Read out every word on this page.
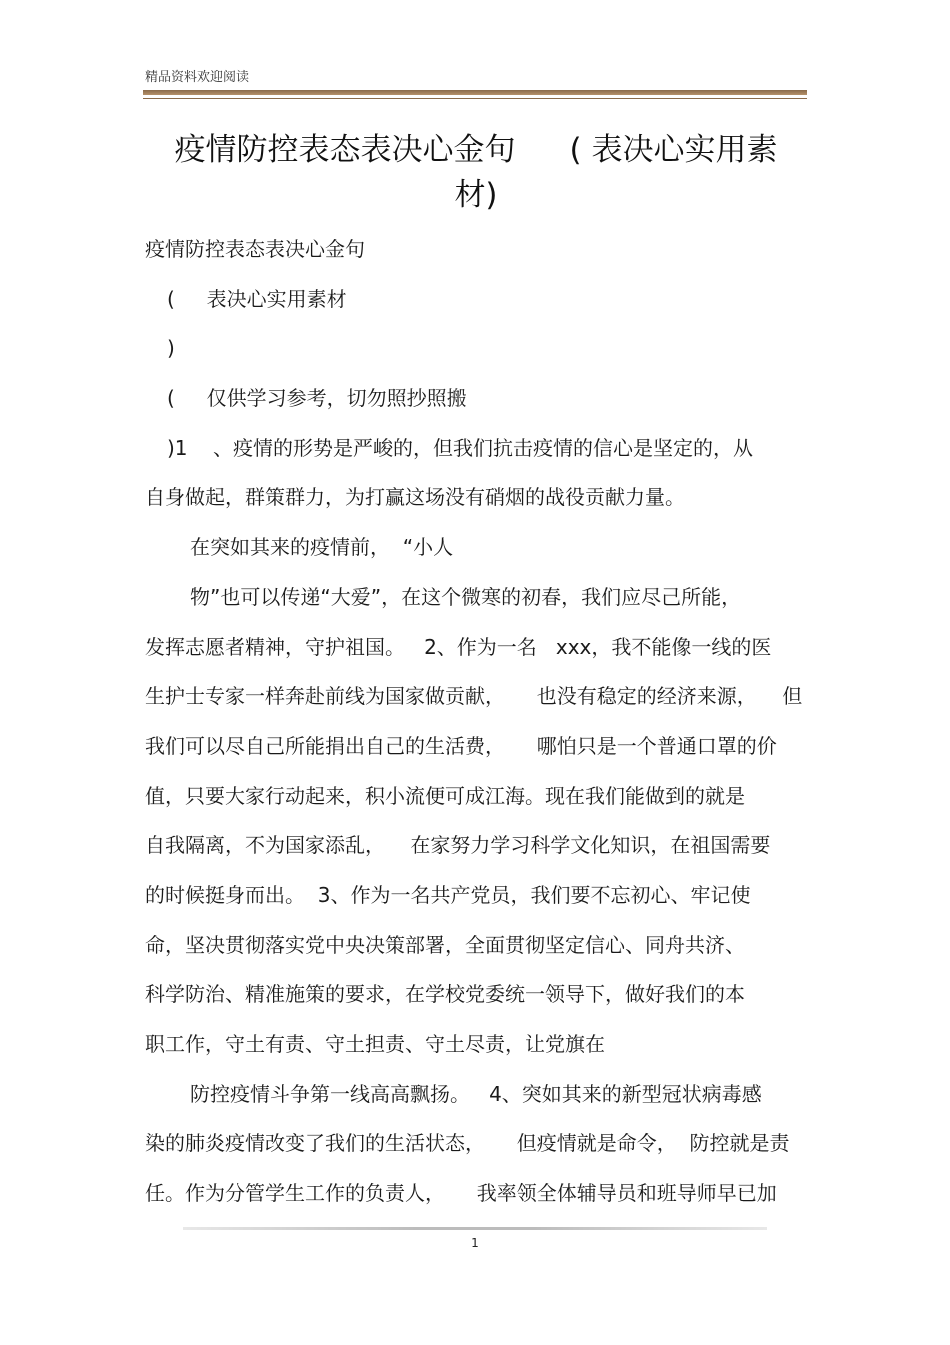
精品资料欢迎阅读
疫情防控表态表决心金句 ( 表决心实用素
材)
疫情防控表态表决心金句
(     表决心实用素材
)
(     仅供学习参考，切勿照抄照搬
)1    、疫情的形势是严峻的，但我们抗击疫情的信心是坚定的，从
自身做起，群策群力，为打赢这场没有硝烟的战役贡献力量。
在突如其来的疫情前，  “小人
物”也可以传递“大爱”，在这个微寒的初春，我们应尽己所能，
发挥志愿者精神，守护祖国。   2、作为一名   xxx，我不能像一线的医
生护士专家一样奔赴前线为国家做贡献，     也没有稳定的经济来源，    但
我们可以尽自己所能捐出自己的生活费，     哪怕只是一个普通口罩的价
值，只要大家行动起来，积小流便可成江海。现在我们能做到的就是
自我隔离，不为国家添乱，    在家努力学习科学文化知识，在祖国需要
的时候挺身而出。  3、作为一名共产党员，我们要不忘初心、牢记使
命，坚决贯彻落实党中央决策部署，全面贯彻坚定信心、同舟共济、
科学防治、精准施策的要求，在学校党委统一领导下，做好我们的本
职工作，守土有责、守土担责、守土尽责，让党旗在
防控疫情斗争第一线高高飘扬。   4、突如其来的新型冠状病毒感
染的肺炎疫情改变了我们的生活状态，     但疫情就是命令，  防控就是责
任。作为分管学生工作的负责人，     我率领全体辅导员和班导师早已加
1
